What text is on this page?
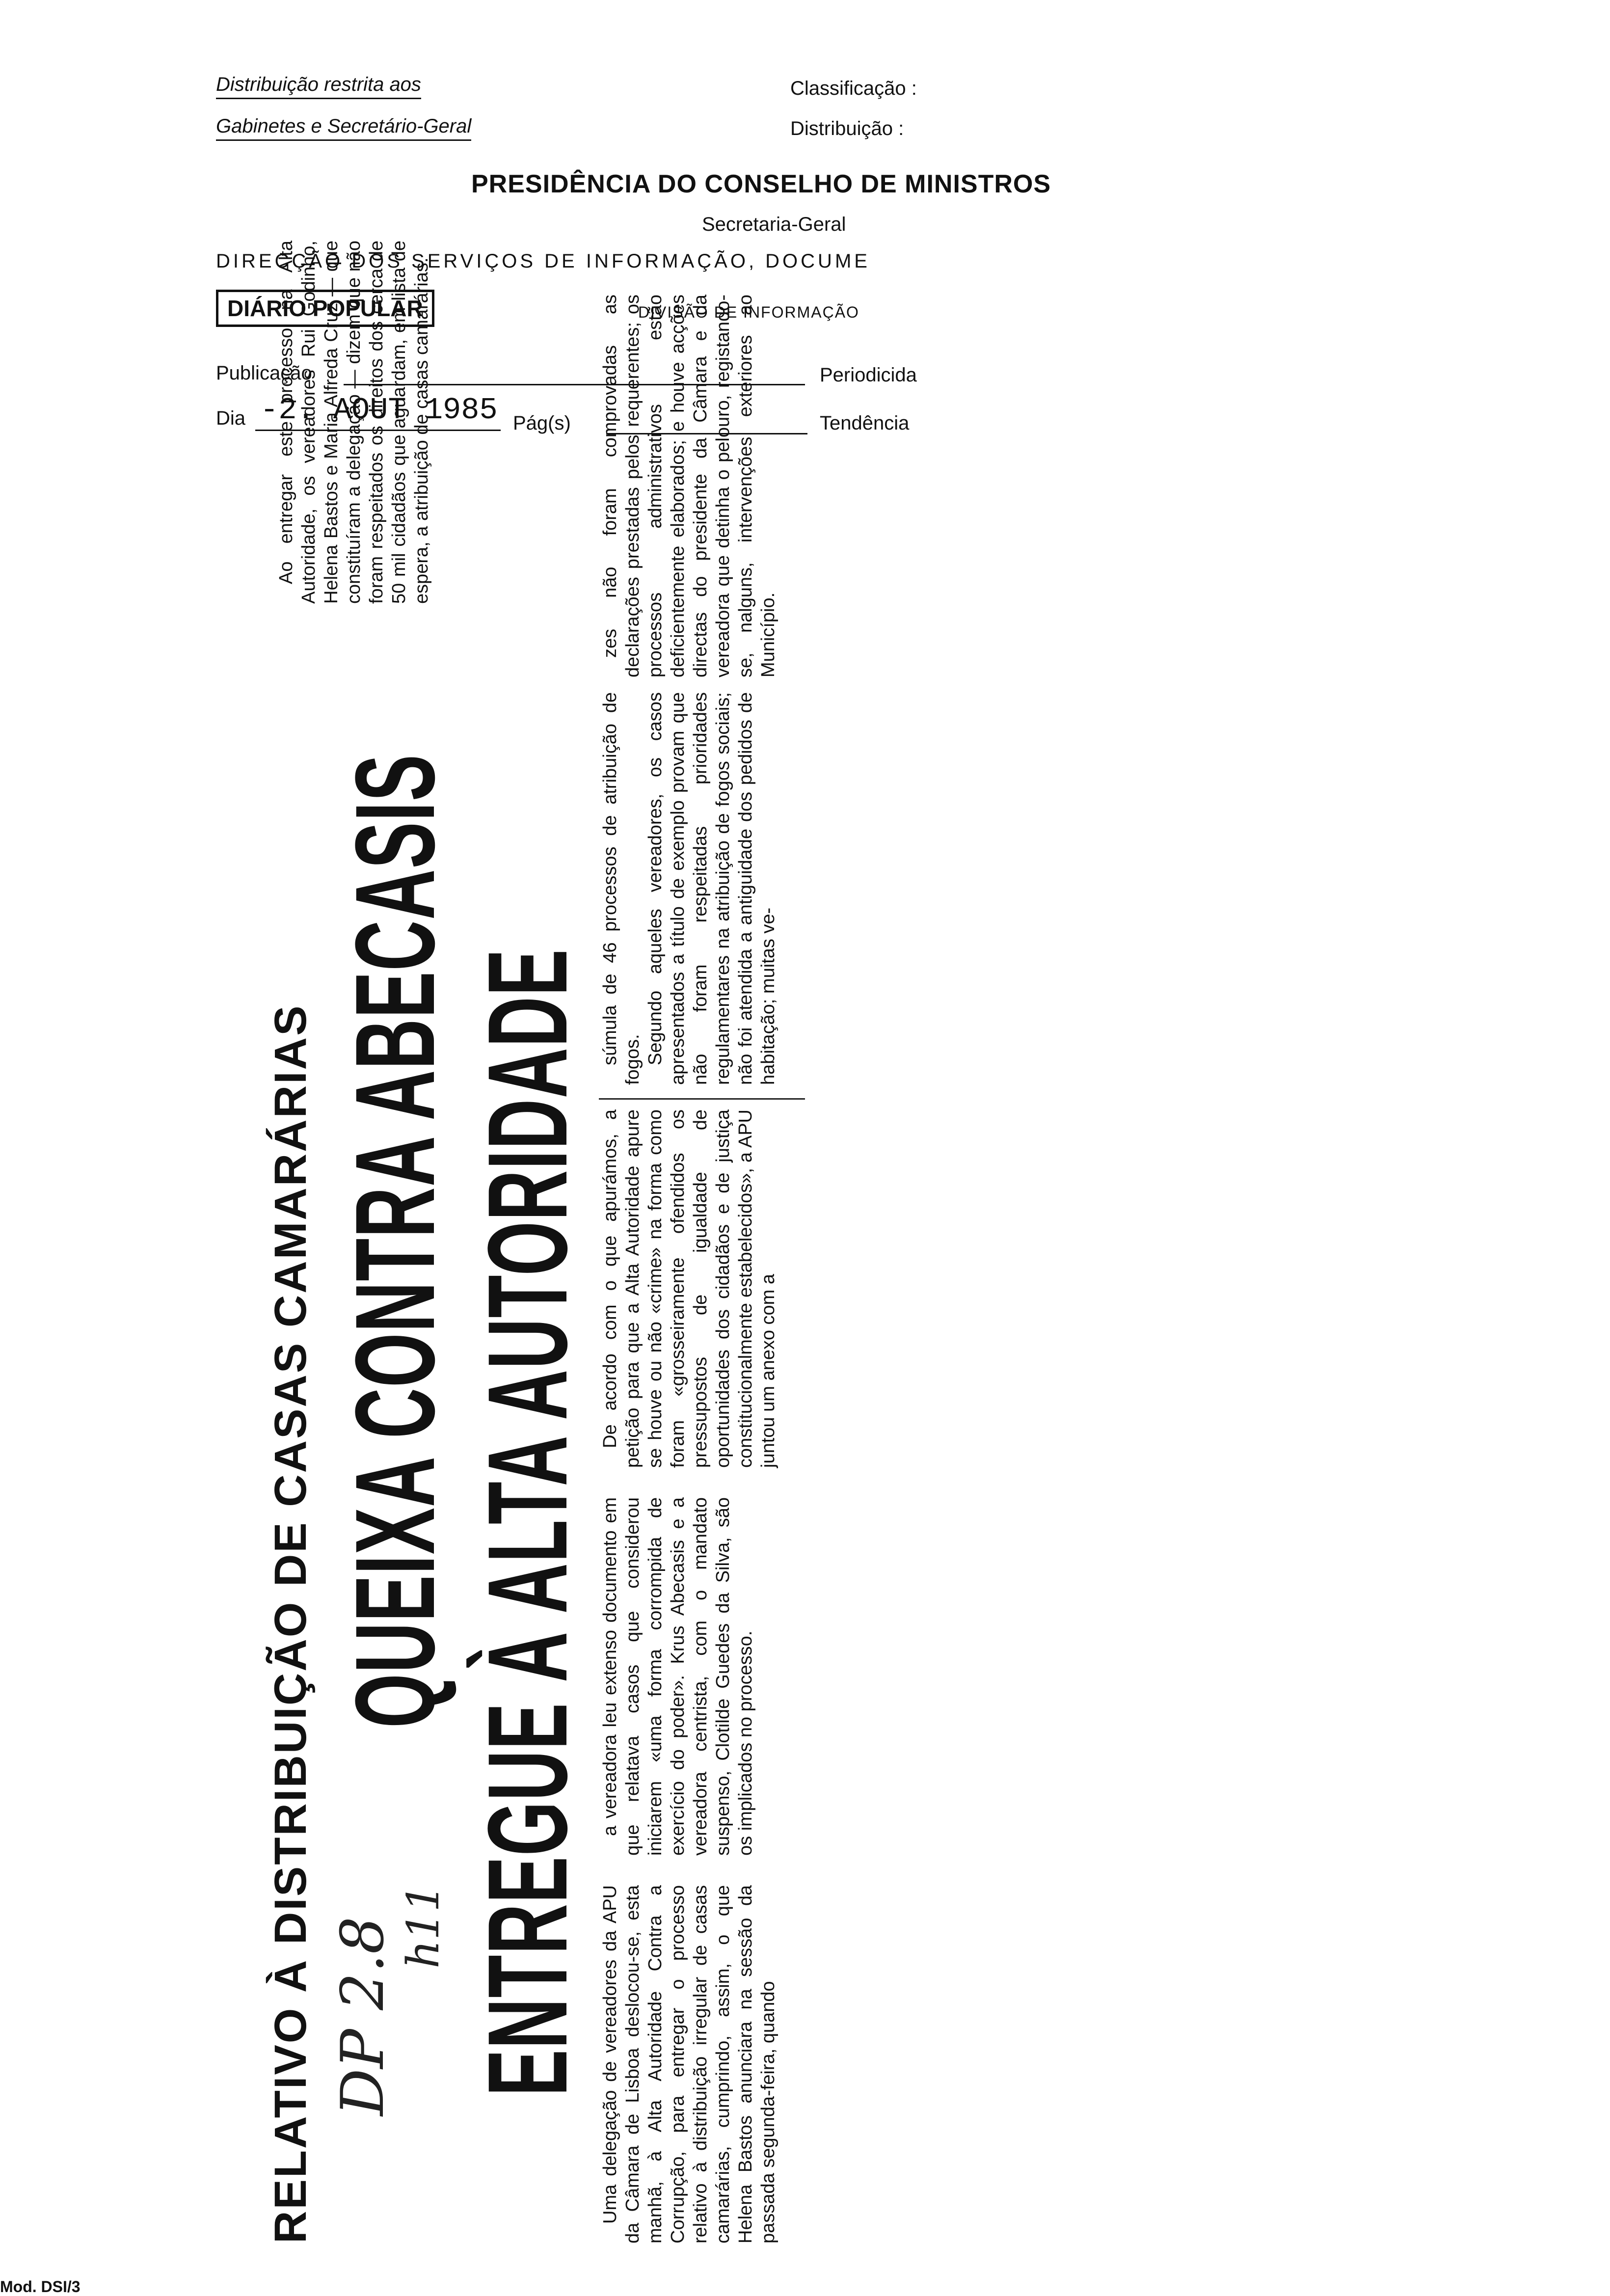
Distribuição restrita aos
Gabinetes e Secretário-Geral
Classificação :
Distribuição :
PRESIDÊNCIA DO CONSELHO DE MINISTROS
Secretaria-Geral
DIRECÇÃO DOS SERVIÇOS DE INFORMAÇÃO, DOCUME
DIÁRIO POPULAR	DIVISÃO DE INFORMAÇÃO
Publicação	Periodicida
Dia -2. AOUT 1985 Pág(s)	Tendência
RELATIVO À DISTRIBUIÇÃO DE CASAS CAMARÁRIAS QUEIXA CONTRA ABECASIS ENTREGUE À ALTA AUTORIDADE
DP 2.8 h11	Uma delegação de vereadores da APU da Câmara de Lisboa deslocou-se, esta manhã, à Alta Autoridade Contra a Corrupção, para entregar o processo relativo à distribuição irregular de casas camarárias, cumprindo, assim, o que Helena Bastos anunciara na sessão da passada segunda-feira, quando

a vereadora leu extenso documento em que relatava casos que considerou iniciarem «uma forma corrompida de exercício do poder». Krus Abecasis e a vereadora centrista, com o mandato suspenso, Clotilde Guedes da Silva, são os implicados no processo.

De acordo com o que apurámos, a petição para que a Alta Autoridade apure se houve ou não «crime» na forma como foram «grosseiramente ofendidos os pressupostos de igualdade de oportunidades dos cidadãos e de justiça constitucionalmente estabelecidos», a APU juntou um anexo com a

súmula de 46 processos de atribuição de fogos. Segundo aqueles vereadores, os casos apresentados a título de exemplo provam que não foram respeitadas prioridades regulamentares na atribuição de fogos sociais; não foi atendida a antiguidade dos pedidos de habitação; muitas ve-

zes não foram comprovadas as declarações prestadas pelos requerentes; os processos administrativos estão deficientemente elaborados; e houve acções directas do presidente da Câmara e da vereadora que detinha o pelouro, registando-se, nalguns, intervenções exteriores ao Município.

Ao entregar este processo na Alta Autoridade, os vereadores Rui Godinho, Helena Bastos e Maria Alfreda Cruz — que constituíram a delegação — dizem que não foram respeitados os direitos dos cerca de 50 mil cidadãos que aguardam, em lista de espera, a atribuição de casas camarárias.

Mod. DSI/3
